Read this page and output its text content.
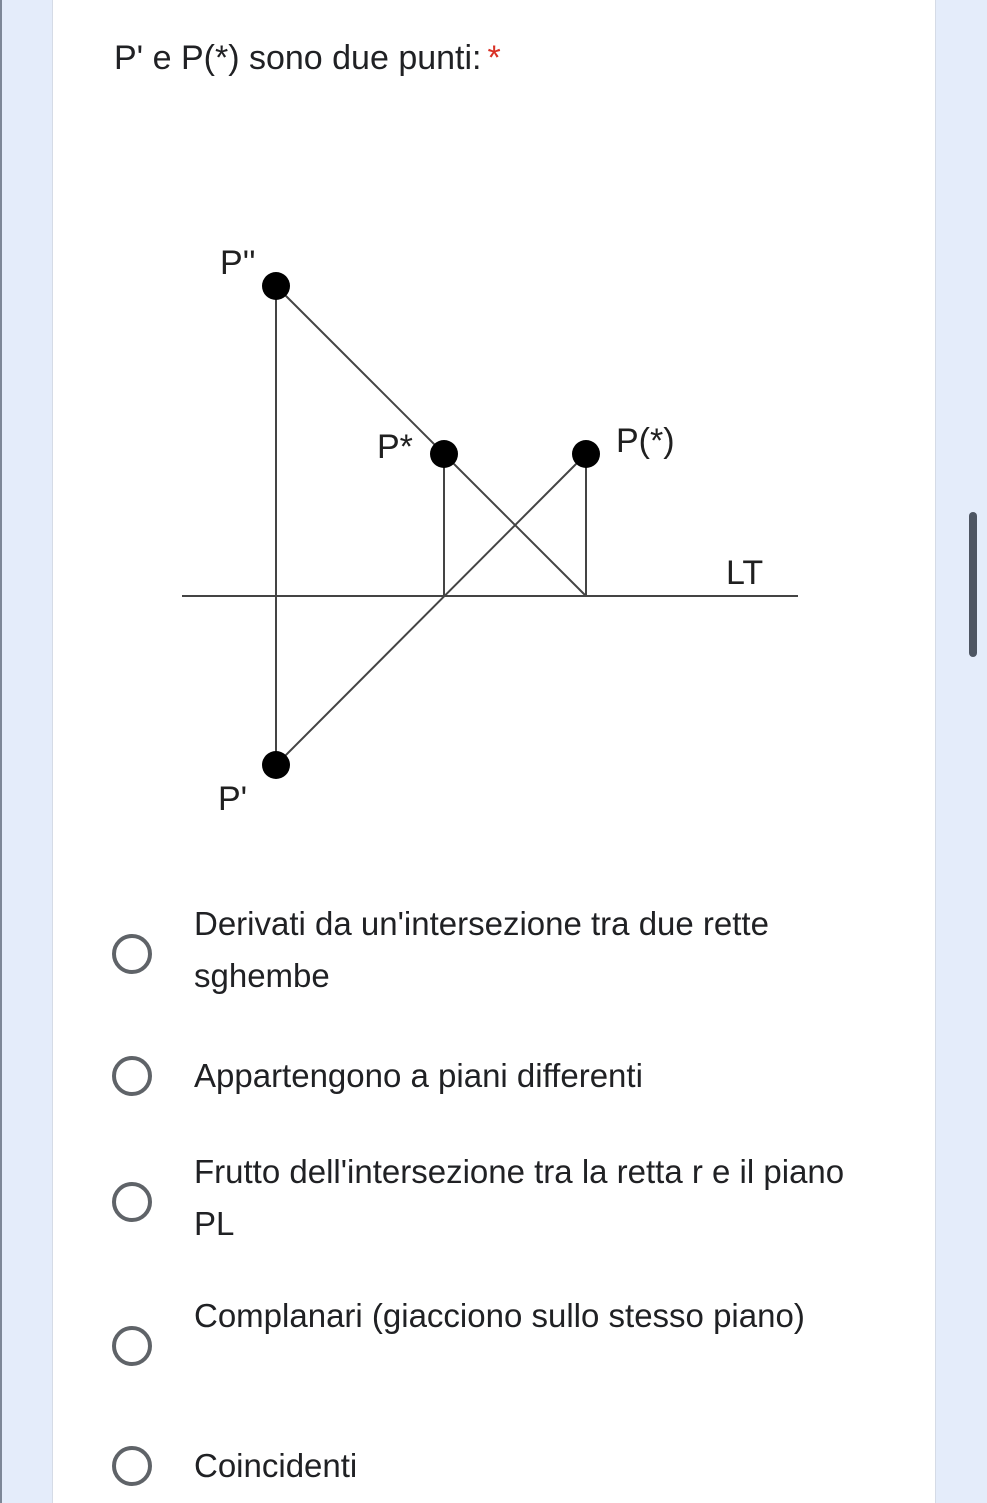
P' e P(*) sono due punti: *
P''
P*	P(*)
LT
P'
Derivati da un'intersezione tra due rette sghembe
Appartengono a piani differenti
Frutto dell'intersezione tra la retta r e il piano PL
Complanari (giacciono sullo stesso piano)
Coincidenti
